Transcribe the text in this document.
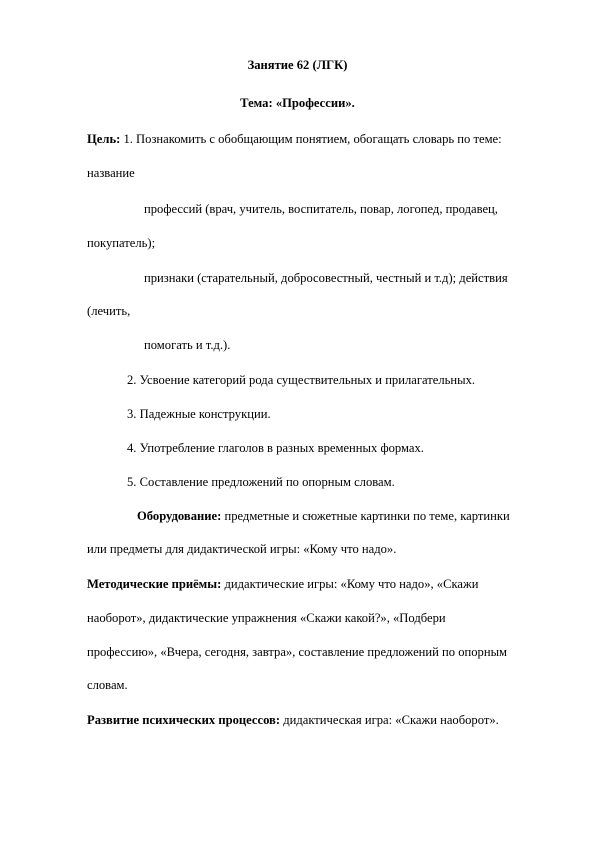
Занятие 62 (ЛГК)
Тема: «Профессии».
Цель: 1. Познакомить с обобщающим понятием, обогащать словарь по теме:
название
профессий (врач, учитель, воспитатель, повар, логопед, продавец,
покупатель);
признаки (старательный, добросовестный, честный и т.д); действия
(лечить,
помогать и т.д.).
2. Усвоение категорий рода существительных и прилагательных.
3. Падежные конструкции.
4. Употребление глаголов в разных временных формах.
5. Составление предложений по опорным словам.
Оборудование: предметные и сюжетные картинки по теме, картинки
или предметы для дидактической игры: «Кому что надо».
Методические приёмы: дидактические игры: «Кому что надо», «Скажи
наоборот», дидактические упражнения «Скажи какой?», «Подбери
профессию», «Вчера, сегодня, завтра», составление предложений по опорным
словам.
Развитие психических процессов: дидактическая игра: «Скажи наоборот».
